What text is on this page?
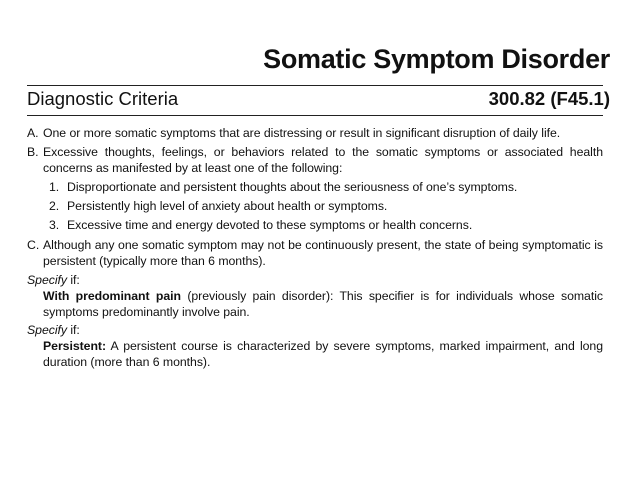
Somatic Symptom Disorder
Diagnostic Criteria	300.82 (F45.1)
A. One or more somatic symptoms that are distressing or result in significant disruption of daily life.
B. Excessive thoughts, feelings, or behaviors related to the somatic symptoms or associated health concerns as manifested by at least one of the following:
1. Disproportionate and persistent thoughts about the seriousness of one’s symptoms.
2. Persistently high level of anxiety about health or symptoms.
3. Excessive time and energy devoted to these symptoms or health concerns.
C. Although any one somatic symptom may not be continuously present, the state of being symptomatic is persistent (typically more than 6 months).
Specify if:
With predominant pain (previously pain disorder): This specifier is for individuals whose somatic symptoms predominantly involve pain.
Specify if:
Persistent: A persistent course is characterized by severe symptoms, marked impairment, and long duration (more than 6 months).
